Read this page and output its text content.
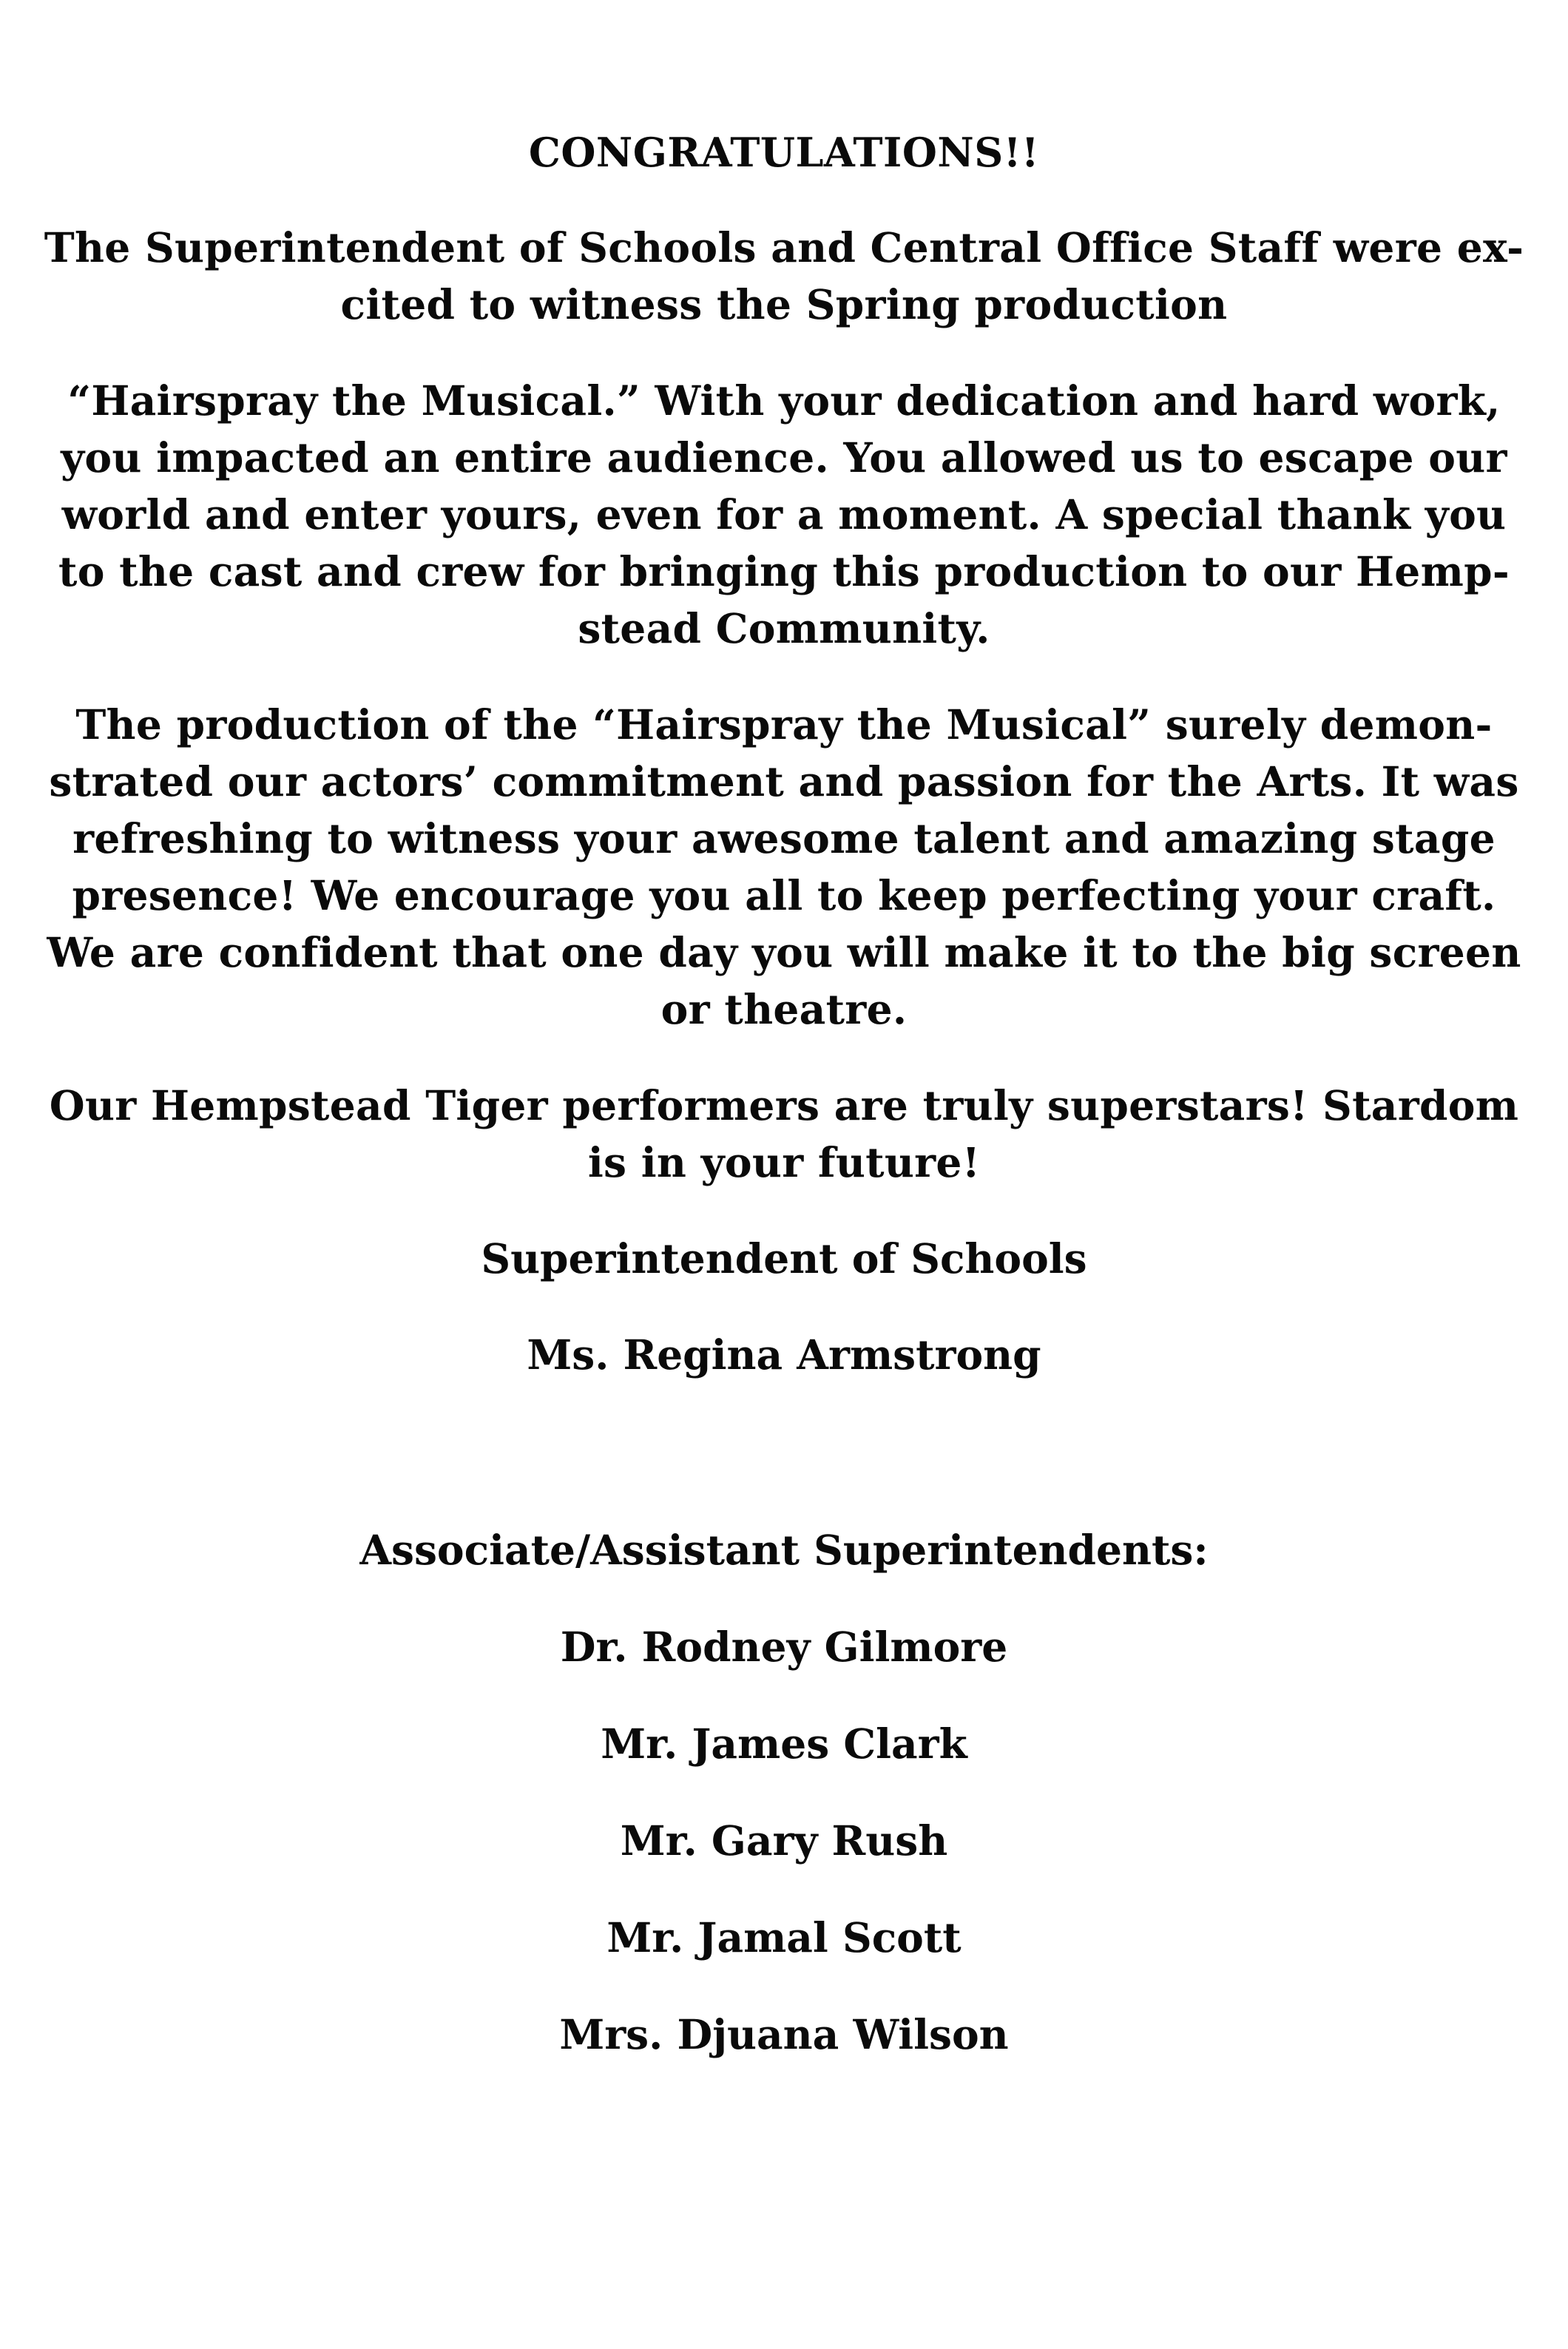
CONGRATULATIONS!!
The Superintendent of Schools and Central Office Staff were ex-
cited to witness the Spring production
“Hairspray the Musical.” With your dedication and hard work,
you impacted an entire audience. You allowed us to escape our
world and enter yours, even for a moment. A special thank you
to the cast and crew for bringing this production to our Hemp-
stead Community.
The production of the “Hairspray the Musical” surely demon-
strated our actors’ commitment and passion for the Arts. It was
refreshing to witness your awesome talent and amazing stage
presence! We encourage you all to keep perfecting your craft.
We are confident that one day you will make it to the big screen
or theatre.
Our Hempstead Tiger performers are truly superstars! Stardom
is in your future!
Superintendent of Schools
Ms. Regina Armstrong
Associate/Assistant Superintendents:
Dr. Rodney Gilmore
Mr. James Clark
Mr. Gary Rush
Mr. Jamal Scott
Mrs. Djuana Wilson
